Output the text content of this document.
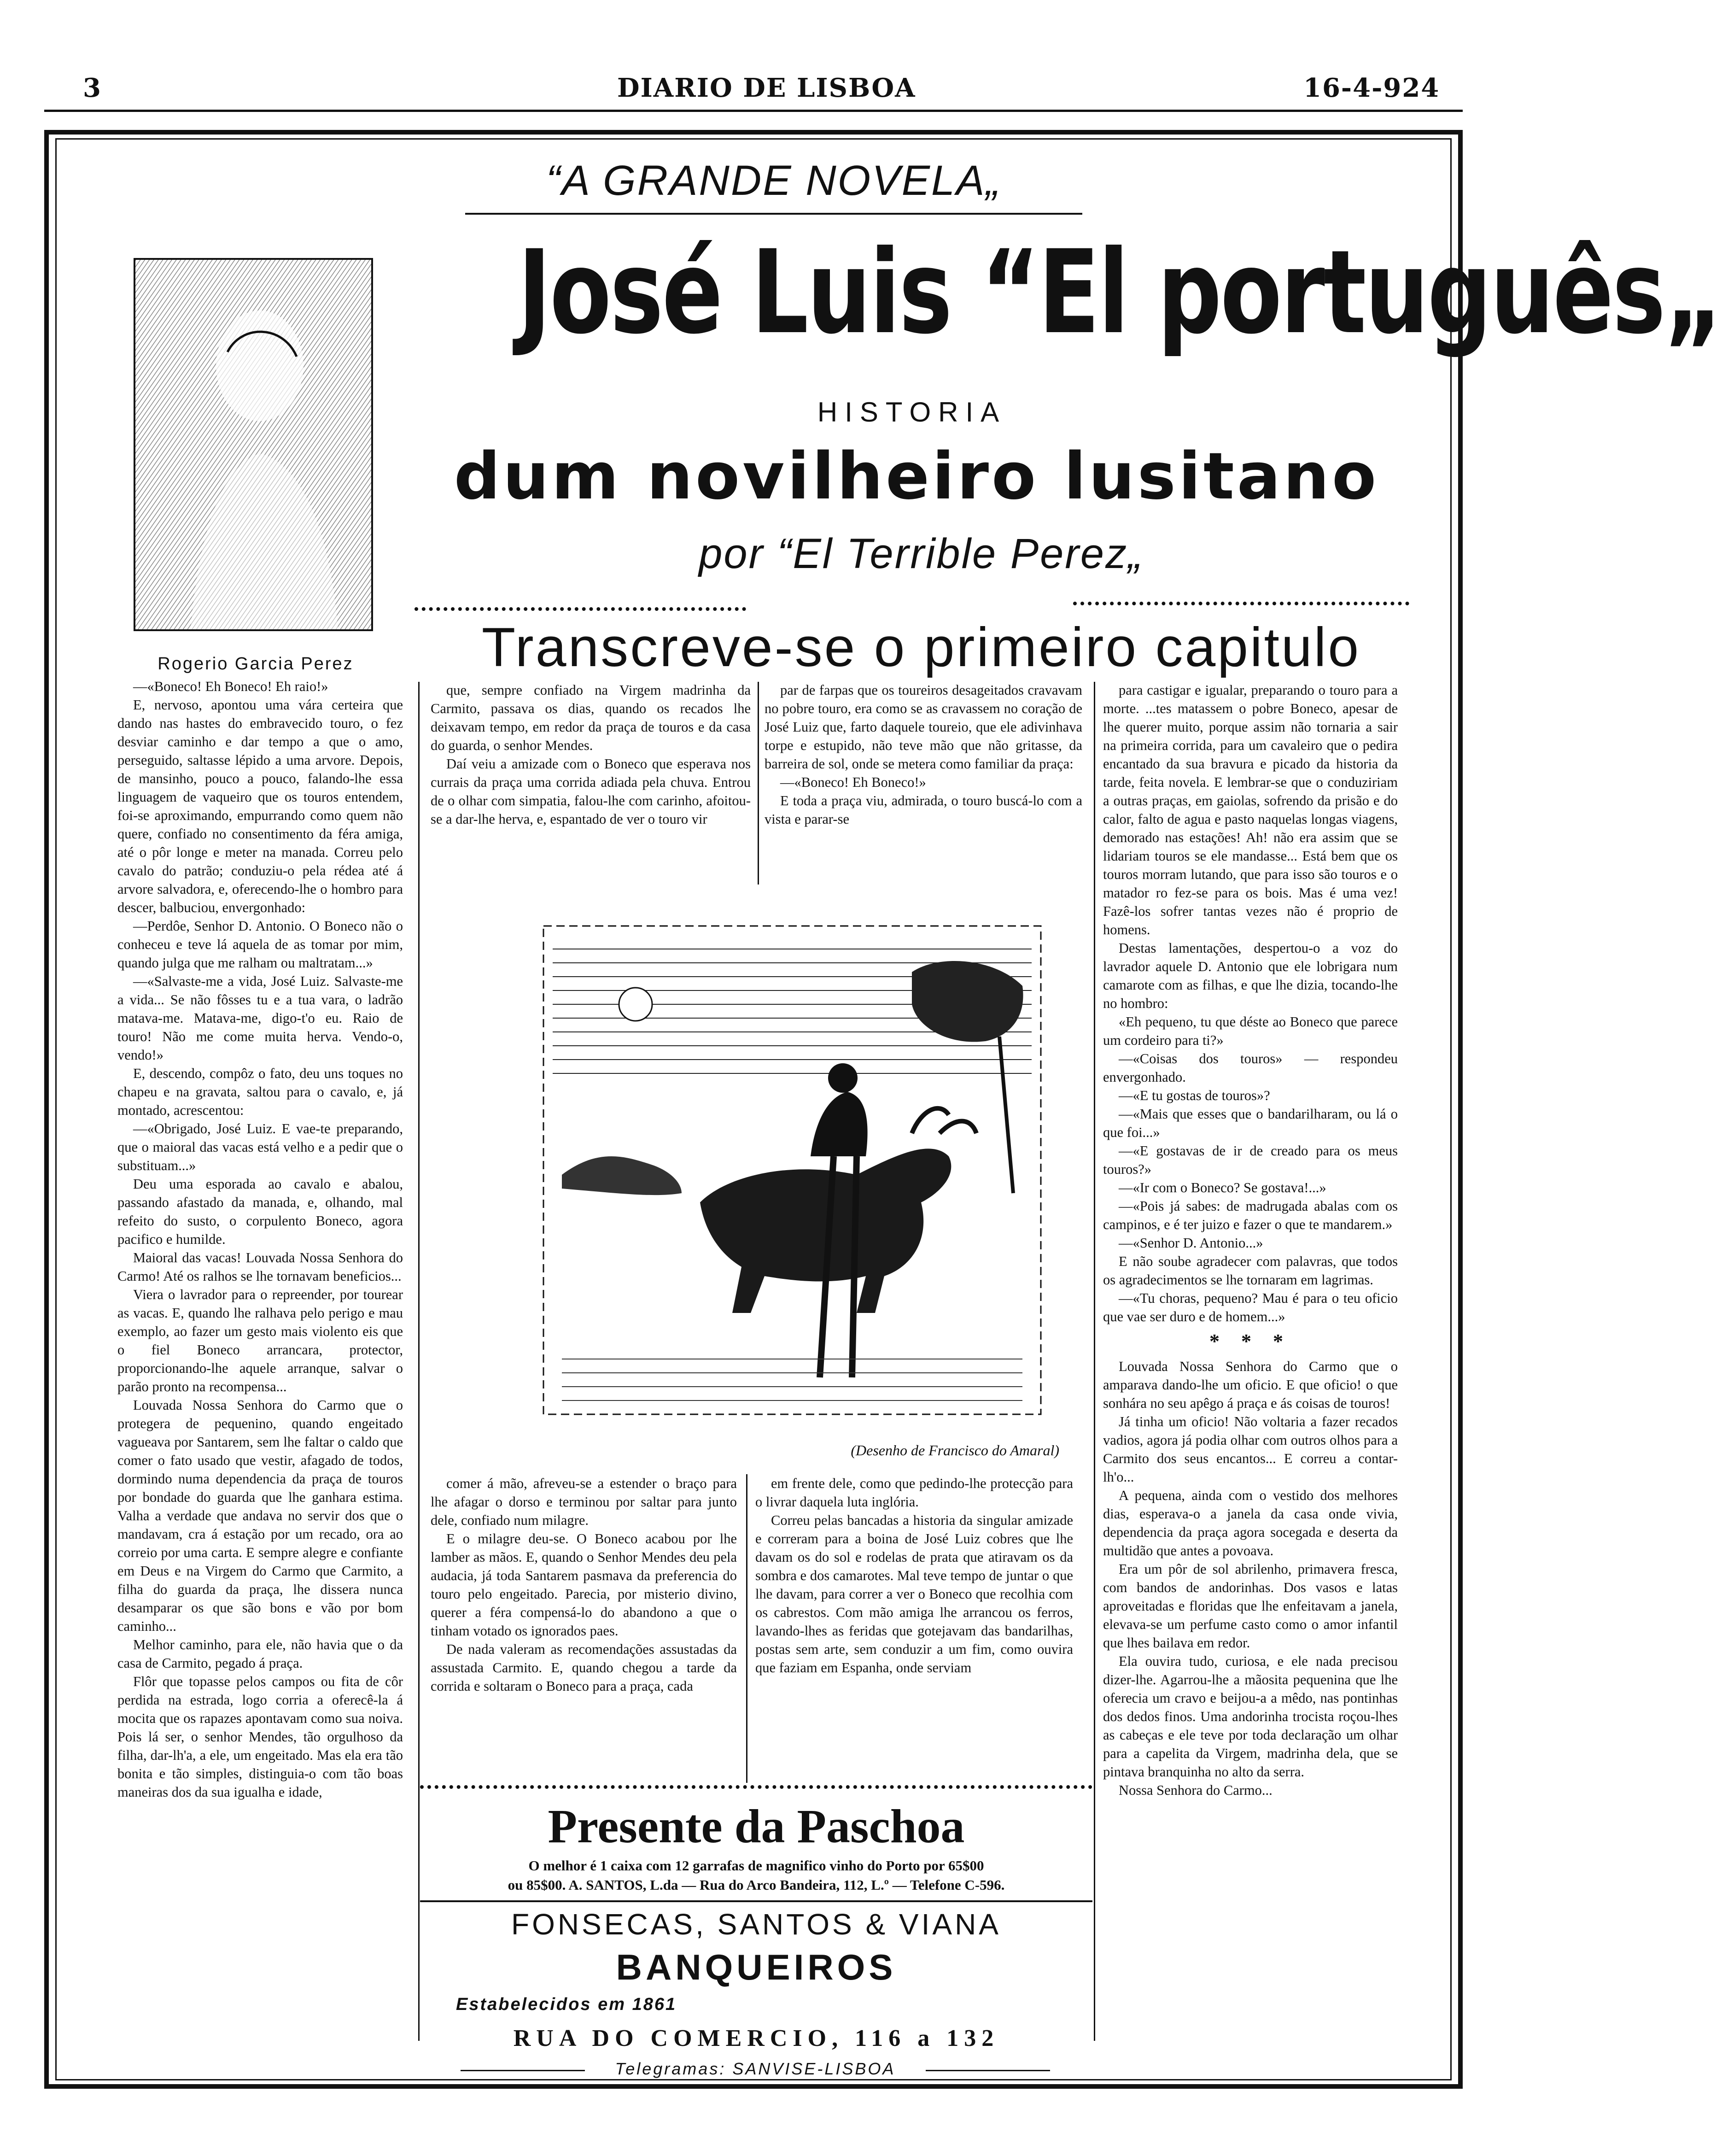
3	DIARIO DE LISBOA	16-4-924
“A GRANDE NOVELA„
Rogerio Garcia Perez
José Luis “El português„
HISTORIA
dum novilheiro lusitano
por “El Terrible Perez„
Transcreve-se o primeiro capitulo

—«Boneco! Eh Boneco! Eh raio!»

E, nervoso, apontou uma vára certeira que dando nas hastes do embravecido touro, o fez desviar caminho e dar tempo a que o amo, perseguido, saltasse lépido a uma arvore. Depois, de mansinho, pouco a pouco, falando-lhe essa linguagem de vaqueiro que os touros entendem, foi-se aproximando, empurrando como quem não quere, confiado no consentimento da féra amiga, até o pôr longe e meter na manada. Correu pelo cavalo do patrão; conduziu-o pela rédea até á arvore salvadora, e, oferecendo-lhe o hombro para descer, balbuciou, envergonhado:

—Perdôe, Senhor D. Antonio. O Boneco não o conheceu e teve lá aquela de as tomar por mim, quando julga que me ralham ou maltratam...»

—«Salvaste-me a vida, José Luiz. Salvaste-me a vida... Se não fôsses tu e a tua vara, o ladrão matava-me. Matava-me, digo-t'o eu. Raio de touro! Não me come muita herva. Vendo-o, vendo!»

E, descendo, compôz o fato, deu uns toques no chapeu e na gravata, saltou para o cavalo, e, já montado, acrescentou:

—«Obrigado, José Luiz. E vae-te preparando, que o maioral das vacas está velho e a pedir que o substituam...»

Deu uma esporada ao cavalo e abalou, passando afastado da manada, e, olhando, mal refeito do susto, o corpulento Boneco, agora pacifico e humilde.

Maioral das vacas! Louvada Nossa Senhora do Carmo! Até os ralhos se lhe tornavam beneficios...

Viera o lavrador para o repreender, por tourear as vacas. E, quando lhe ralhava pelo perigo e mau exemplo, ao fazer um gesto mais violento eis que o fiel Boneco arrancara, protector, proporcionando-lhe aquele arranque, salvar o parão pronto na recompensa...

Louvada Nossa Senhora do Carmo que o protegera de pequenino, quando engeitado vagueava por Santarem, sem lhe faltar o caldo que comer o fato usado que vestir, afagado de todos, dormindo numa dependencia da praça de touros por bondade do guarda que lhe ganhara estima. Valha a verdade que andava no servir dos que o mandavam, cra á estação por um recado, ora ao correio por uma carta. E sempre alegre e confiante em Deus e na Virgem do Carmo que Carmito, a filha do guarda da praça, lhe dissera nunca desamparar os que são bons e vão por bom caminho...

Melhor caminho, para ele, não havia que o da casa de Carmito, pegado á praça.

Flôr que topasse pelos campos ou fita de côr perdida na estrada, logo corria a oferecê-la á mocita que os rapazes apontavam como sua noiva. Pois lá ser, o senhor Mendes, tão orgulhoso da filha, dar-lh'a, a ele, um engeitado. Mas ela era tão bonita e tão simples, distinguia-o com tão boas maneiras dos da sua igualha e idade,

que, sempre confiado na Virgem madrinha da Carmito, passava os dias, quando os recados lhe deixavam tempo, em redor da praça de touros e da casa do guarda, o senhor Mendes.

Daí veiu a amizade com o Boneco que esperava nos currais da praça uma corrida adiada pela chuva. Entrou de o olhar com simpatia, falou-lhe com carinho, afoitou-se a dar-lhe herva, e, espantado de ver o touro vir

par de farpas que os toureiros desageitados cravavam no pobre touro, era como se as cravassem no coração de José Luiz que, farto daquele toureio, que ele adivinhava torpe e estupido, não teve mão que não gritasse, da barreira de sol, onde se metera como familiar da praça:

—«Boneco! Eh Boneco!»

E toda a praça viu, admirada, o touro buscá-lo com a vista e parar-se

(Desenho de Francisco do Amaral)

comer á mão, afreveu-se a estender o braço para lhe afagar o dorso e terminou por saltar para junto dele, confiado num milagre.

E o milagre deu-se. O Boneco acabou por lhe lamber as mãos. E, quando o Senhor Mendes deu pela audacia, já toda Santarem pasmava da preferencia do touro pelo engeitado. Parecia, por misterio divino, querer a féra compensá-lo do abandono a que o tinham votado os ignorados paes.

De nada valeram as recomendações assustadas da assustada Carmito. E, quando chegou a tarde da corrida e soltaram o Boneco para a praça, cada

em frente dele, como que pedindo-lhe protecção para o livrar daquela luta inglória.

Correu pelas bancadas a historia da singular amizade e correram para a boina de José Luiz cobres que lhe davam os do sol e rodelas de prata que atiravam os da sombra e dos camarotes. Mal teve tempo de juntar o que lhe davam, para correr a ver o Boneco que recolhia com os cabrestos. Com mão amiga lhe arrancou os ferros, lavando-lhes as feridas que gotejavam das bandarilhas, postas sem arte, sem conduzir a um fim, como ouvira que faziam em Espanha, onde serviam

para castigar e igualar, preparando o touro para a morte. ...tes matassem o pobre Boneco, apesar de lhe querer muito, porque assim não tornaria a sair na primeira corrida, para um cavaleiro que o pedira encantado da sua bravura e picado da historia da tarde, feita novela. E lembrar-se que o conduziriam a outras praças, em gaiolas, sofrendo da prisão e do calor, falto de agua e pasto naquelas longas viagens, demorado nas estações! Ah! não era assim que se lidariam touros se ele mandasse... Está bem que os touros morram lutando, que para isso são touros e o matador ro fez-se para os bois. Mas é uma vez! Fazê-los sofrer tantas vezes não é proprio de homens.

Destas lamentações, despertou-o a voz do lavrador aquele D. Antonio que ele lobrigara num camarote com as filhas, e que lhe dizia, tocando-lhe no hombro:

«Eh pequeno, tu que déste ao Boneco que parece um cordeiro para ti?»

—«Coisas dos touros» — respondeu envergonhado.

—«E tu gostas de touros»?

—«Mais que esses que o bandarilharam, ou lá o que foi...»

—«E gostavas de ir de creado para os meus touros?»

—«Ir com o Boneco? Se gostava!...»

—«Pois já sabes: de madrugada abalas com os campinos, e é ter juizo e fazer o que te mandarem.»

—«Senhor D. Antonio...»

E não soube agradecer com palavras, que todos os agradecimentos se lhe tornaram em lagrimas.

—«Tu choras, pequeno? Mau é para o teu oficio que vae ser duro e de homem...»

* * *

Louvada Nossa Senhora do Carmo que o amparava dando-lhe um oficio. E que oficio! o que sonhára no seu apêgo á praça e ás coisas de touros!

Já tinha um oficio! Não voltaria a fazer recados vadios, agora já podia olhar com outros olhos para a Carmito dos seus encantos... E correu a contar-lh'o...

A pequena, ainda com o vestido dos melhores dias, esperava-o a janela da casa onde vivia, dependencia da praça agora socegada e deserta da multidão que antes a povoava.

Era um pôr de sol abrilenho, primavera fresca, com bandos de andorinhas. Dos vasos e latas aproveitadas e floridas que lhe enfeitavam a janela, elevava-se um perfume casto como o amor infantil que lhes bailava em redor.

Ela ouvira tudo, curiosa, e ele nada precisou dizer-lhe. Agarrou-lhe a mãosita pequenina que lhe oferecia um cravo e beijou-a a mêdo, nas pontinhas dos dedos finos. Uma andorinha trocista roçou-lhes as cabeças e ele teve por toda declaração um olhar para a capelita da Virgem, madrinha dela, que se pintava branquinha no alto da serra.

Nossa Senhora do Carmo...

Presente da Paschoa
O melhor é 1 caixa com 12 garrafas de magnifico vinho do Porto por 65$00
ou 85$00. A. SANTOS, L.da — Rua do Arco Bandeira, 112, L.º — Telefone C-596.
FONSECAS, SANTOS & VIANA
BANQUEIROS
Estabelecidos em 1861
RUA DO COMERCIO, 116 a 132
Telegramas: SANVISE-LISBOA
